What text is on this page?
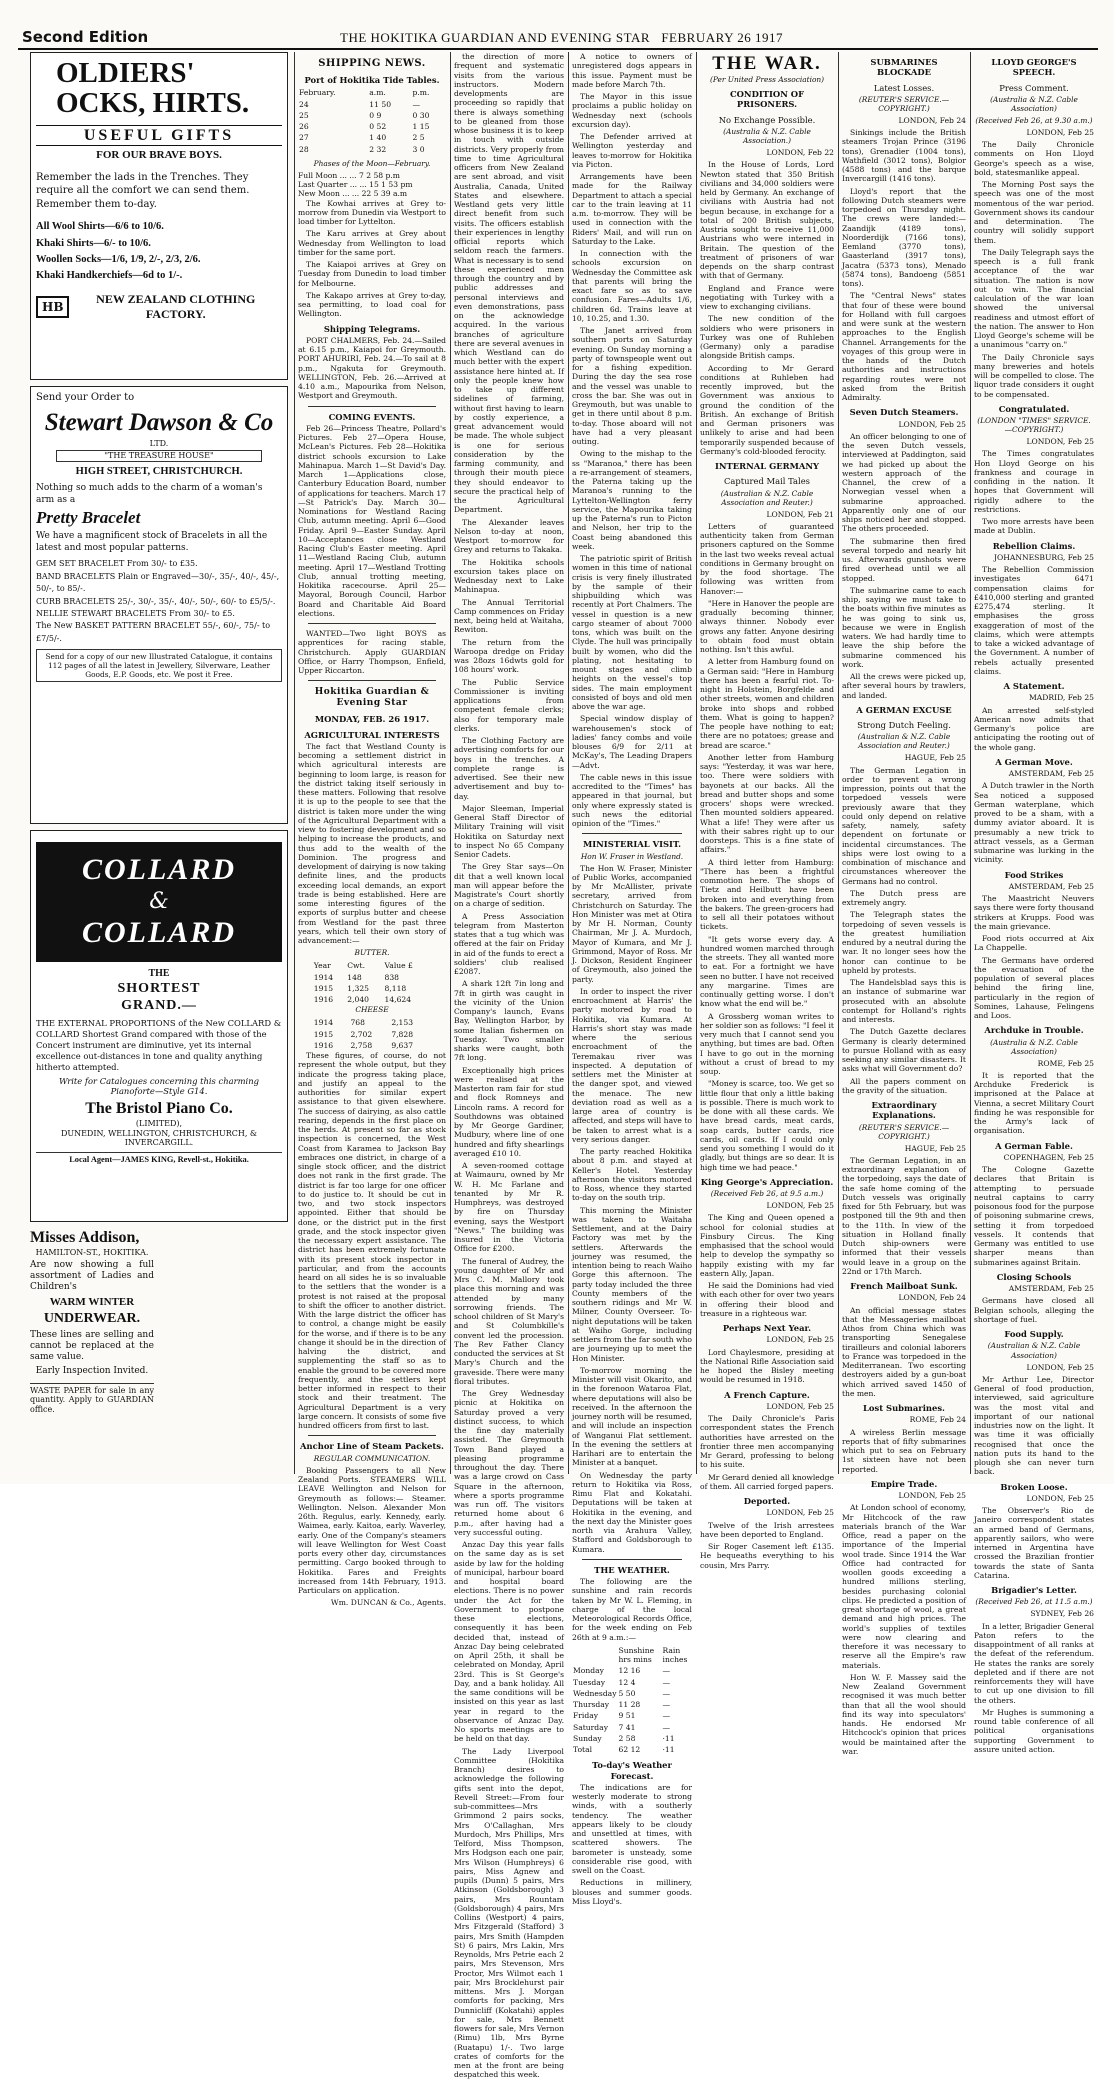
Second Edition	THE HOKITIKA GUARDIAN AND EVENING STAR FEBRUARY 26 1917
OLDIERS' OCKS, HIRTS.
USEFUL GIFTS
FOR OUR BRAVE BOYS.
Remember the lads in the Trenches. They require all the comfort we can send them. Remember them to-day.
All Wool Shirts—6/6 to 10/6.
Khaki Shirts—6/- to 10/6.
Woollen Socks—1/6, 1/9, 2/-, 2/3, 2/6.
Khaki Handkerchiefs—6d to 1/-.
HB
NEW ZEALAND CLOTHING FACTORY.
Send your Order to
Stewart Dawson & Co
LTD.
"THE TREASURE HOUSE"
HIGH STREET, CHRISTCHURCH.
Nothing so much adds to the charm of a woman's arm as a
Pretty Bracelet
We have a magnificent stock of Bracelets in all the latest and most popular patterns.
GEM SET BRACELET From 30/- to £35.
BAND BRACELETS Plain or Engraved—30/-, 35/-, 40/-, 45/-, 50/-, to 85/-.
CURB BRACELETS 25/-, 30/-, 35/-, 40/-, 50/-, 60/- to £5/5/-.
NELLIE STEWART BRACELETS From 30/- to £5.
The New BASKET PATTERN BRACELET 55/-, 60/-, 75/- to £7/5/-.
Send for a copy of our new Illustrated Catalogue, it contains 112 pages of all the latest in Jewellery, Silverware, Leather Goods, E.P. Goods, etc. We post it Free.
COLLARD
&
COLLARD
THE
SHORTEST
GRAND.—
THE EXTERNAL PROPORTIONS of the New COLLARD & COLLARD Shortest Grand compared with those of the Concert instrument are diminutive, yet its internal excellence out-distances in tone and quality anything hitherto attempted.
Write for Catalogues concerning this charming Pianoforte—Style G14.
The Bristol Piano Co.
(LIMITED),
DUNEDIN, WELLINGTON, CHRISTCHURCH, & INVERCARGILL.
Local Agent—JAMES KING, Revell-st., Hokitika.
Misses Addison,
HAMILTON-ST., HOKITIKA.
Are now showing a full assortment of Ladies and Children's
WARM WINTER
UNDERWEAR.
These lines are selling and cannot be replaced at the same value.
Early Inspection Invited.
WASTE PAPER for sale in any quantity. Apply to GUARDIAN office.
SHIPPING NEWS.
Port of Hokitika Tide Tables.
February.	a.m.	p.m.
24	11 50	—
25	0 9	0 30
26	0 52	1 15
27	1 40	2 5
28	2 32	3 0
Phases of the Moon—February.
Full Moon ... ... 7 2 58 p.m
Last Quarter ... ... 15 1 53 pm
New Moon ... ... 22 5 39 a.m

The Kowhai arrives at Grey to-morrow from Dunedin via Westport to load timber for Lyttelton.

The Karu arrives at Grey about Wednesday from Wellington to load timber for the same port.

The Kaiapoi arrives at Grey on Tuesday from Dunedin to load timber for Melbourne.

The Kakapo arrives at Grey to-day, sea permitting, to load coal for Wellington.

Shipping Telegrams.

PORT CHALMERS, Feb. 24.—Sailed at 6.15 p.m., Kaiapoi for Greymouth. PORT AHURIRI, Feb. 24.—To sail at 8 p.m., Ngakuta for Greymouth. WELLINGTON, Feb. 26.—Arrived at 4.10 a.m., Mapourika from Nelson, Westport and Greymouth.

COMING EVENTS.

Feb 26—Princess Theatre, Pollard's Pictures. Feb 27—Opera House, McLean's Pictures. Feb 28—Hokitika district schools excursion to Lake Mahinapua. March 1—St David's Day. March 1—Applications close, Canterbury Education Board, number of applications for teachers. March 17—St Patrick's Day. March 30—Nominations for Westland Racing Club, autumn meeting. April 6—Good Friday. April 9—Easter Sunday. April 10—Acceptances close Westland Racing Club's Easter meeting. April 11—Westland Racing Club, autumn meeting. April 17—Westland Trotting Club, annual trotting meeting, Hokitika racecourse. April 25—Mayoral, Borough Council, Harbor Board and Charitable Aid Board elections.

WANTED—Two light BOYS as apprentices for racing stable, Christchurch. Apply GUARDIAN Office, or Harry Thompson, Enfield, Upper Riccarton.

Hokitika Guardian & Evening Star
MONDAY, FEB. 26 1917.
AGRICULTURAL INTERESTS

The fact that Westland County is becoming a settlement district in which agricultural interests are beginning to loom large, is reason for the district taking itself seriously in these matters. Following that resolve it is up to the people to see that the district is taken more under the wing of the Agricultural Department with a view to fostering development and so helping to increase the products, and thus add to the wealth of the Dominion. The progress and development of dairying is now taking definite lines, and the products exceeding local demands, an export trade is being established. Here are some interesting figures of the exports of surplus butter and cheese from Westland for the past three years, which tell their own story of advancement:—

BUTTER.
Year	Cwt.	Value £
1914	148	838
1915	1,325	8,118
1916	2,040	14,624
CHEESE
1914	768	2,153
1915	2,702	7,828
1916	2,758	9,637

These figures, of course, do not represent the whole output, but they indicate the progress taking place, and justify an appeal to the authorities for similar expert assistance to that given elsewhere. The success of dairying, as also cattle rearing, depends in the first place on the herds. At present so far as stock inspection is concerned, the West Coast from Karamea to Jackson Bay embraces one district, in charge of a single stock officer, and the district does not rank in the first grade. The district is far too large for one officer to do justice to. It should be cut in two, and two stock inspectors appointed. Either that should be done, or the district put in the first grade, and the stock inspector given the necessary expert assistance. The district has been extremely fortunate with its present stock inspector in particular, and from the accounts heard on all sides he is so invaluable to the settlers that the wonder is a protest is not raised at the proposal to shift the officer to another district. With the large district the officer has to control, a change might be easily for the worse, and if there is to be any change it should be in the direction of halving the district, and supplementing the staff so as to enable the ground to be covered more frequently, and the settlers kept better informed in respect to their stock and their treatment. The Agricultural Department is a very large concern. It consists of some five hundred officers from first to last.

Anchor Line of Steam Packets.
REGULAR COMMUNICATION.

Booking Passengers to all New Zealand Ports. STEAMERS WILL LEAVE Wellington and Nelson for Greymouth as follows:— Steamer. Wellington. Nelson. Alexander Mon 26th. Regulus, early. Kennedy, early. Waimea, early. Kaitoa, early. Waverley, early. One of the Company's steamers will leave Wellington for West Coast ports every other day, circumstances permitting. Cargo booked through to Hokitika. Fares and Freights increased from 14th February, 1913. Particulars on application.

Wm. DUNCAN & Co., Agents.

the direction of more frequent and systematic visits from the various instructors. Modern developments are proceeding so rapidly that there is always something to be gleaned from those whose business it is to keep in touch with outside districts. Very properly from time to time Agricultural officers from New Zealand are sent abroad, and visit Australia, Canada, United States and elsewhere. Westland gets very little direct benefit from such visits. The officers establish their experiences in lengthy official reports which seldom reach the farmers. What is necessary is to send these experienced men through the country and by public addresses and personal interviews and even demonstrations, pass on the acknowledge acquired. In the various branches of agriculture there are several avenues in which Westland can do much better with the expert assistance here hinted at. If only the people knew how to take up different sidelines of farming, without first having to learn by costly experience, a great advancement would be made. The whole subject is one for serious consideration by the farming community, and through their mouth piece they should endeavor to secure the practical help of the Agricultural Department.

The Alexander leaves Nelson to-day at noon, Westport to-morrow for Grey and returns to Takaka.

The Hokitika schools excursion takes place on Wednesday next to Lake Mahinapua.

The Annual Territorial Camp commences on Friday next, being held at Waitaha, Rewiton.

The return from the Waroopa dredge on Friday was 28ozs 16dwts gold for 108 hours' work.

The Public Service Commissioner is inviting applications from competent female clerks; also for temporary male clerks.

The Clothing Factory are advertising comforts for our boys in the trenches. A complete range is advertised. See their new advertisement and buy to-day.

Major Sleeman, Imperial General Staff Director of Military Training will visit Hokitika on Saturday next to inspect No 65 Company Senior Cadets.

The Grey Star says—On dit that a well known local man will appear before the Magistrate's Court shortly on a charge of sedition.

A Press Association telegram from Masterton states that a tug which was offered at the fair on Friday in aid of the funds to erect a soldiers' club realised £2087.

A shark 12ft 7in long and 7ft in girth was caught in the vicinity of the Union Company's launch, Evans Bay, Wellington Harbor, by some Italian fishermen on Tuesday. Two smaller sharks were caught, both 7ft long.

Exceptionally high prices were realised at the Masterton ram fair for stud and flock Romneys and Lincoln rams. A record for Southdowns was obtained by Mr George Gardiner, Mudbury, where line of one hundred and fifty shearlings averaged £10 10.

A seven-roomed cottage at Waimauru, owned by Mr W. H. Mc Farlane and tenanted by Mr R. Humphreys, was destroyed by fire on Thursday evening, says the Westport "News." The building was insured in the Victoria Office for £200.

The funeral of Audrey, the young daughter of Mr and Mrs C. M. Mallory took place this morning and was attended by many sorrowing friends. The school children of St Mary's and St Columbkille's convent led the procession. The Rev Father Clancy conducted the services at St Mary's Church and the graveside. There were many floral tributes.

The Grey Wednesday picnic at Hokitika on Saturday proved a very distinct success, to which the fine day materially assisted. The Greymouth Town Band played a pleasing programme throughout the day. There was a large crowd on Cass Square in the afternoon, where a sports programme was run off. The visitors returned home about 6 p.m., after having had a very successful outing.

Anzac Day this year falls on the same day as is set aside by law for the holding of municipal, harbour board and hospital board elections. There is no power under the Act for the Government to postpone these elections, consequently it has been decided that, instead of Anzac Day being celebrated on April 25th, it shall be celebrated on Monday, April 23rd. This is St George's Day, and a bank holiday. All the same conditions will be insisted on this year as last year in regard to the observance of Anzac Day. No sports meetings are to be held on that day.

The Lady Liverpool Committee (Hokitika Branch) desires to acknowledge the following gifts sent into the depot, Revell Street:—From four sub-committees—Mrs Grimmond 2 pairs socks, Mrs O'Callaghan, Mrs Murdoch, Mrs Phillips, Mrs Telford, Miss Thompson, Mrs Hodgson each one pair, Mrs Wilson (Humphreys) 6 pairs, Miss Agnew and pupils (Dunn) 5 pairs, Mrs Atkinson (Goldsborough) 3 pairs, Mrs Rountam (Goldsborough) 4 pairs, Mrs Collins (Westport) 4 pairs, Mrs Fitzgerald (Stafford) 3 pairs, Mrs Smith (Hampden St) 6 pairs, Mrs Lakin, Mrs Reynolds, Mrs Petrie each 2 pairs, Mrs Stevenson, Mrs Proctor, Mrs Wilmot each 1 pair, Mrs Brocklehurst pair mittens. Mrs J. Morgan comforts for packing, Mrs Dunnicliff (Kokatahi) apples for sale, Mrs Bennett flowers for sale, Mrs Vernon (Rimu) 1lb, Mrs Byrne (Ruatapu) 1/-. Two large crates of comforts for the men at the front are being despatched this week.

A notice to owners of unregistered dogs appears in this issue. Payment must be made before March 7th.

The Mayor in this issue proclaims a public holiday on Wednesday next (schools excursion day).

The Defender arrived at Wellington yesterday and leaves to-morrow for Hokitika via Picton.

Arrangements have been made for the Railway Department to attach a special car to the train leaving at 11 a.m. to-morrow. They will be used in connection with the Riders' Mail, and will run on Saturday to the Lake.

In connection with the schools excursion on Wednesday the Committee ask that parents will bring the exact fare so as to save confusion. Fares—Adults 1/6, children 6d. Trains leave at 10, 10.25, and 1.30.

The Janet arrived from southern ports on Saturday evening. On Sunday morning a party of townspeople went out for a fishing expedition. During the day the sea rose and the vessel was unable to cross the bar. She was out in Greymouth, but was unable to get in there until about 8 p.m. to-day. Those aboard will not have had a very pleasant outing.

Owing to the mishap to the ss "Maranoa," there has been a re-arrangement of steamers, the Paterna taking up the Maranoa's running to the Lyttelton-Wellington ferry service, the Mapourika taking up the Paterna's run to Picton and Nelson, her trip to the Coast being abandoned this week.

The patriotic spirit of British women in this time of national crisis is very finely illustrated by the sample of their shipbuilding which was recently at Port Chalmers. The vessel in question is a new cargo steamer of about 7000 tons, which was built on the Clyde. The hull was principally built by women, who did the plating, not hesitating to mount stages and climb heights on the vessel's top sides. The main employment consisted of boys and old men above the war age.

Special window display of warehousemen's stock of ladies' fancy combs and voile blouses 6/9 for 2/11 at McKay's, The Leading Drapers—Advt.

The cable news in this issue accredited to the "Times" has appeared in that journal, but only where expressly stated is such news the editorial opinion of the "Times."

MINISTERIAL VISIT.
Hon W. Fraser in Westland.

The Hon W. Fraser, Minister of Public Works, accompanied by Mr McAllister, private secretary, arrived from Christchurch on Saturday. The Hon Minister was met at Otira by Mr H. Norman, County Chairman, Mr J. A. Murdoch, Mayor of Kumara, and Mr J. Grimmond, Mayor of Ross. Mr J. Dickson, Resident Engineer of Greymouth, also joined the party.

In order to inspect the river encroachment at Harris' the party motored by road to Hokitika, via Kumara. At Harris's short stay was made where the serious encroachment of the Teremakau river was inspected. A deputation of settlers met the Minister at the danger spot, and viewed the menace. The new deviation road as well as a large area of country is affected, and steps will have to be taken to arrest what is a very serious danger.

The party reached Hokitika about 8 p.m. and stayed at Keller's Hotel. Yesterday afternoon the visitors motored to Ross, whence they started to-day on the south trip.

This morning the Minister was taken to Waitaha Settlement, and at the Dairy Factory was met by the settlers. Afterwards the journey was resumed, the intention being to reach Waiho Gorge this afternoon. The party today included the three County members of the southern ridings and Mr W. Milner, County Overseer. To-night deputations will be taken at Waiho Gorge, including settlers from the far south who are journeying up to meet the Hon Minister.

To-morrow morning the Minister will visit Okarito, and in the forenoon Wataroa Flat, where deputations will also be received. In the afternoon the journey north will be resumed, and will include an inspection of Wanganui Flat settlement. In the evening the settlers at Harihari are to entertain the Minister at a banquet.

On Wednesday the party return to Hokitika via Ross, Rimu Flat and Kokatahi. Deputations will be taken at Hokitika in the evening, and the next day the Minister goes north via Arahura Valley, Stafford and Goldsborough to Kumara.

THE WEATHER.

The following are the sunshine and rain records taken by Mr W. L. Fleming, in charge of the local Meteorological Records Office, for the week ending on Feb 26th at 9 a.m.:—

	Sunshine hrs mins	Rain inches
Monday	12 16	—
Tuesday	12 4	—
Wednesday	5 50	—
Thursday	11 28	—
Friday	9 51	—
Saturday	7 41	—
Sunday	2 58	·11
Total	62 12	·11
To-day's Weather Forecast.

The indications are for westerly moderate to strong winds, with a southerly tendency. The weather appears likely to be cloudy and unsettled at times, with scattered showers. The barometer is unsteady, some considerable rise good, with swell on the Coast.

Reductions in millinery, blouses and summer goods. Miss Lloyd's.

THE WAR.
(Per United Press Association)
CONDITION OF PRISONERS.
No Exchange Possible.
(Australia & N.Z. Cable Association.)

LONDON, Feb 22

In the House of Lords, Lord Newton stated that 350 British civilians and 34,000 soldiers were held by Germany. An exchange of civilians with Austria had not begun because, in exchange for a total of 200 British subjects, Austria sought to receive 11,000 Austrians who were interned in Britain. The question of the treatment of prisoners of war depends on the sharp contrast with that of Germany.

England and France were negotiating with Turkey with a view to exchanging civilians.

The new condition of the soldiers who were prisoners in Turkey was one of Ruhleben (Germany) only a paradise alongside British camps.

According to Mr Gerard conditions at Ruhleben had recently improved, but the Government was anxious to ground the condition of the British. An exchange of British and German prisoners was unlikely to arise and had been temporarily suspended because of Germany's cold-blooded ferocity.

INTERNAL GERMANY
Captured Mail Tales
(Australian & N.Z. Cable Association and Reuter.)

LONDON, Feb 21

Letters of guaranteed authenticity taken from German prisoners captured on the Somme in the last two weeks reveal actual conditions in Germany brought on by the food shortage. The following was written from Hanover:—

"Here in Hanover the people are gradually becoming thinner, always thinner. Nobody ever grows any fatter. Anyone desiring to obtain food must obtain nothing. Isn't this awful.

A letter from Hamburg found on a German said: "Here in Hamburg there has been a fearful riot. To-night in Holstein, Borgfelde and other streets, women and children broke into shops and robbed them. What is going to happen? The people have nothing to eat; there are no potatoes; grease and bread are scarce."

Another letter from Hamburg says: "Yesterday, it was war here, too. There were soldiers with bayonets at our backs. All the bread and butter shops and some grocers' shops were wrecked. Then mounted soldiers appeared. What a life! They were after us with their sabres right up to our doorsteps. This is a fine state of affairs."

A third letter from Hamburg: "There has been a frightful commotion here. The shops of Tietz and Heilbutt have been broken into and everything from the bakers. The green-grocers had to sell all their potatoes without tickets.

"It gets worse every day. A hundred women marched through the streets. They all wanted more to eat. For a fortnight we have seen no butter. I have not received any margarine. Times are continually getting worse. I don't know what the end will be."

A Grossberg woman writes to her soldier son as follows: "I feel it very much that I cannot send you anything, but times are bad. Often I have to go out in the morning without a crust of bread to my soup.

"Money is scarce, too. We get so little flour that only a little baking is possible. There is much work to be done with all these cards. We have bread cards, meat cards, soap cards, butter cards, rice cards, oil cards. If I could only send you something I would do it gladly, but things are so dear. It is high time we had peace."

King George's Appreciation.
(Received Feb 26, at 9.5 a.m.)

LONDON, Feb 25

The King and Queen opened a school for colonial studies at Finsbury Circus. The King emphasised that the school would help to develop the sympathy so happily existing with my far eastern Ally, Japan.

He said the Dominions had vied with each other for over two years in offering their blood and treasure in a righteous war.

Perhaps Next Year.

LONDON, Feb 25

Lord Chaylesmore, presiding at the National Rifle Association said he hoped the Bisley meeting would be resumed in 1918.

A French Capture.

LONDON, Feb 25

The Daily Chronicle's Paris correspondent states the French authorities have arrested on the frontier three men accompanying Mr Gerard, professing to belong to his suite.

Mr Gerard denied all knowledge of them. All carried forged papers.

Deported.

LONDON, Feb 25

Twelve of the Irish arrestees have been deported to England.

Sir Roger Casement left £135. He bequeaths everything to his cousin, Mrs Parry.

SUBMARINES BLOCKADE
Latest Losses.
(REUTER'S SERVICE.—COPYRIGHT.)

LONDON, Feb 24

Sinkings include the British steamers Trojan Prince (3196 tons), Grenadier (1004 tons), Wathfield (3012 tons), Bolgior (4588 tons) and the barque Invercargill (1416 tons).

Lloyd's report that the following Dutch steamers were torpedoed on Thursday night. The crews were landed:—Zaandijk (4189 tons), Noorderdijk (7166 tons), Eemland (3770 tons), Gaasterland (3917 tons), Jacatra (5373 tons), Menado (5874 tons), Bandoeng (5851 tons).

The "Central News" states that four of these were bound for Holland with full cargoes and were sunk at the western approaches to the English Channel. Arrangements for the voyages of this group were in the hands of the Dutch authorities and instructions regarding routes were not asked from the British Admiralty.

Seven Dutch Steamers.

LONDON, Feb 25

An officer belonging to one of the seven Dutch vessels, interviewed at Paddington, said we had picked up about the western approach of the Channel, the crew of a Norwegian vessel when a submarine approached. Apparently only one of our ships noticed her and stopped. The others proceeded.

The submarine then fired several torpedo and nearly hit us. Afterwards gunshots were fired overhead until we all stopped.

The submarine came to each ship, saying we must take to the boats within five minutes as he was going to sink us, because we were in English waters. We had hardly time to leave the ship before the submarine commenced his work.

All the crews were picked up, after several hours by trawlers, and landed.

A GERMAN EXCUSE
Strong Dutch Feeling.
(Australian & N.Z. Cable Association and Reuter.)

HAGUE, Feb 25

The German Legation in order to prevent a wrong impression, points out that the torpedoed vessels were previously aware that they could only depend on relative safety, namely, safety dependent on fortunate or incidental circumstances. The ships were lost owing to a combination of mischance and circumstances whereover the Germans had no control.

The Dutch press are extremely angry.

The Telegraph states the torpedoing of seven vessels is the greatest humiliation endured by a neutral during the war. It no longer sees how the honor can continue to be upheld by protests.

The Handelsblad says this is an instance of submarine war prosecuted with an absolute contempt for Holland's rights and interests.

The Dutch Gazette declares Germany is clearly determined to pursue Holland with as easy seeking any similar disasters. It asks what will Government do?

All the papers comment on the gravity of the situation.

Extraordinary Explanations.
(REUTER'S SERVICE.—COPYRIGHT.)

HAGUE, Feb 25

The German Legation, in an extraordinary explanation of the torpedoing, says the date of the safe home coming of the Dutch vessels was originally fixed for 5th February, but was postponed till the 9th and then to the 11th. In view of the situation in Holland finally Dutch ship-owners were informed that their vessels would leave in a group on the 22nd or 17th March.

French Mailboat Sunk.

LONDON, Feb 24

An official message states that the Messageries mailboat Athos from China which was transporting Senegalese tirailleurs and colonial laborers to France was torpedoed in the Mediterranean. Two escorting destroyers aided by a gun-boat which arrived saved 1450 of the men.

Lost Submarines.

ROME, Feb 24

A wireless Berlin message reports that of fifty submarines which put to sea on February 1st sixteen have not been reported.

Empire Trade.

LONDON, Feb 25

At London school of economy, Mr Hitchcock of the raw materials branch of the War Office, read a paper on the importance of the Imperial wool trade. Since 1914 the War Office had contracted for woollen goods exceeding a hundred millions sterling, besides purchasing colonial clips. He predicted a position of great shortage of wool, a great demand and high prices. The world's supplies of textiles were now clearing and therefore it was necessary to reserve all the Empire's raw materials.

Hon W. F. Massey said the New Zealand Government recognised it was much better than that all the wool should find its way into speculators' hands. He endorsed Mr Hitchcock's opinion that prices would be maintained after the war.

LLOYD GEORGE'S SPEECH.
Press Comment.
(Australia & N.Z. Cable Association)
(Received Feb 26, at 9.30 a.m.)

LONDON, Feb 25

The Daily Chronicle comments on Hon Lloyd George's speech as a wise, bold, statesmanlike appeal.

The Morning Post says the speech was one of the most momentous of the war period. Government shows its candour and determination. The country will solidly support them.

The Daily Telegraph says the speech is a full frank acceptance of the war situation. The nation is now out to win. The financial calculation of the war loan showed the universal readiness and utmost effort of the nation. The answer to Hon Lloyd George's scheme will be a unanimous "carry on."

The Daily Chronicle says many breweries and hotels will be compelled to close. The liquor trade considers it ought to be compensated.

Congratulated.
(LONDON "TIMES" SERVICE.—COPYRIGHT.)

LONDON, Feb 25

The Times congratulates Hon Lloyd George on his frankness and courage in confiding in the nation. It hopes that Government will rigidly adhere to the restrictions.

Two more arrests have been made at Dublin.

Rebellion Claims.

JOHANNESBURG, Feb 25

The Rebellion Commission investigates 6471 compensation claims for £410,000 sterling and granted £275,474 sterling. It emphasises the gross exaggeration of most of the claims, which were attempts to take a wicked advantage of the Government. A number of rebels actually presented claims.

A Statement.

MADRID, Feb 25

An arrested self-styled American now admits that Germany's police are anticipating the rooting out of the whole gang.

A German Move.

AMSTERDAM, Feb 25

A Dutch trawler in the North Sea noticed a supposed German waterplane, which proved to be a sham, with a dummy aviator aboard. It is presumably a new trick to attract vessels, as a German submarine was lurking in the vicinity.

Food Strikes

AMSTERDAM, Feb 25

The Maastricht Neuvers says there were forty thousand strikers at Krupps. Food was the main grievance.

Food riots occurred at Aix La Chappelle.

The Germans have ordered the evacuation of the population of several places behind the firing line, particularly in the region of Somines, Lahause, Felingens and Loos.

Archduke in Trouble.
(Australia & N.Z. Cable Association)

ROME, Feb 25

It is reported that the Archduke Frederick is imprisoned at the Palace at Vienna, a secret Military Court finding he was responsible for the Army's lack of organisation.

A German Fable.

COPENHAGEN, Feb 25

The Cologne Gazette declares that Britain is attempting to persuade neutral captains to carry poisonous food for the purpose of poisoning submarine crews, setting it from torpedoed vessels. It contends that Germany was entitled to use sharper means than submarines against Britain.

Closing Schools

AMSTERDAM, Feb 25

Germans have closed all Belgian schools, alleging the shortage of fuel.

Food Supply.
(Australian & N.Z. Cable Association)

LONDON, Feb 25

Mr Arthur Lee, Director General of food production, interviewed, said agriculture was the most vital and important of our national industries now on the light. It was time it was officially recognised that once the nation puts its hand to the plough she can never turn back.

Broken Loose.

LONDON, Feb 25

The Observer's Rio de Janeiro correspondent states an armed band of Germans, apparently sailors, who were interned in Argentina have crossed the Brazilian frontier towards the state of Santa Catarina.

Brigadier's Letter.
(Received Feb 26, at 11.5 a.m.)

SYDNEY, Feb 26

In a letter, Brigadier General Paton refers to the disappointment of all ranks at the defeat of the referendum. He states the ranks are sorely depleted and if there are not reinforcements they will have to cut up one division to fill the others.

Mr Hughes is summoning a round table conference of all political organisations supporting Government to assure united action.
